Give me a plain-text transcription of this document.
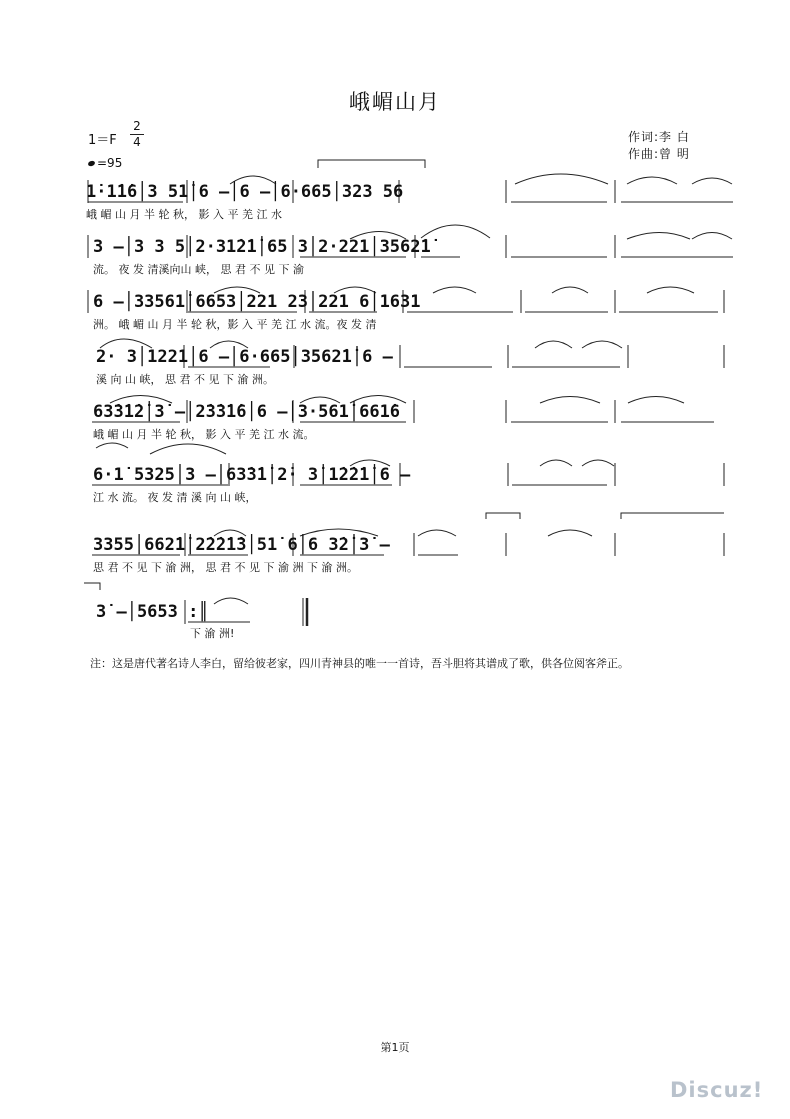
峨嵋山月
1＝F
2
4
=95
作词:李 白
作曲:曾 明
1̇·1̇1̇6│3 51̇│6 –│6 –│6·665│323 56
峨 嵋 山 月 半 轮 秋， 影 入 平 羌 江 水
3 –│3 3 5│2·31̇2̇1̇│65 3│2·221│3562̇1̇
流。 夜 发 清溪向山 峡， 思 君 不 见 下 渝
6 –│33561̇│6653│221 23│221 6│1631
洲。 峨 嵋 山 月 半 轮 秋，影 入 平 羌 江 水 流。夜 发 清
2· 3│1221│6 –│6·665│3562̇1̇│6 –
溪 向 山 峡， 思 君 不 见 下 渝 洲。
63̇3̇1̇2̇│3̇ –│2̇3̇3̇1̇6│6 –│3·561̇│661̇6
峨 嵋 山 月 半 轮 秋， 影 入 平 羌 江 水 流。
6·1̇ 5325│3 –│63̇3̇1̇│2̇· 3̇│1̇2̇2̇1̇│6 –
江 水 流。 夜 发 清 溪 向 山 峡，
3355│662̇1̇│2̇2̇2̇1̇3│51̇ 6│6 3̇2̇│3̇ –
思 君 不 见 下 渝 洲， 思 君 不 见 下 渝 洲 下 渝 洲。
3̇ –│5653 :║
下 渝 洲!
注：这是唐代著名诗人李白，留给彼老家，四川青神县的唯一一首诗，吾斗胆将其谱成了歌，供各位阅客斧正。
第1页
Discuz!
